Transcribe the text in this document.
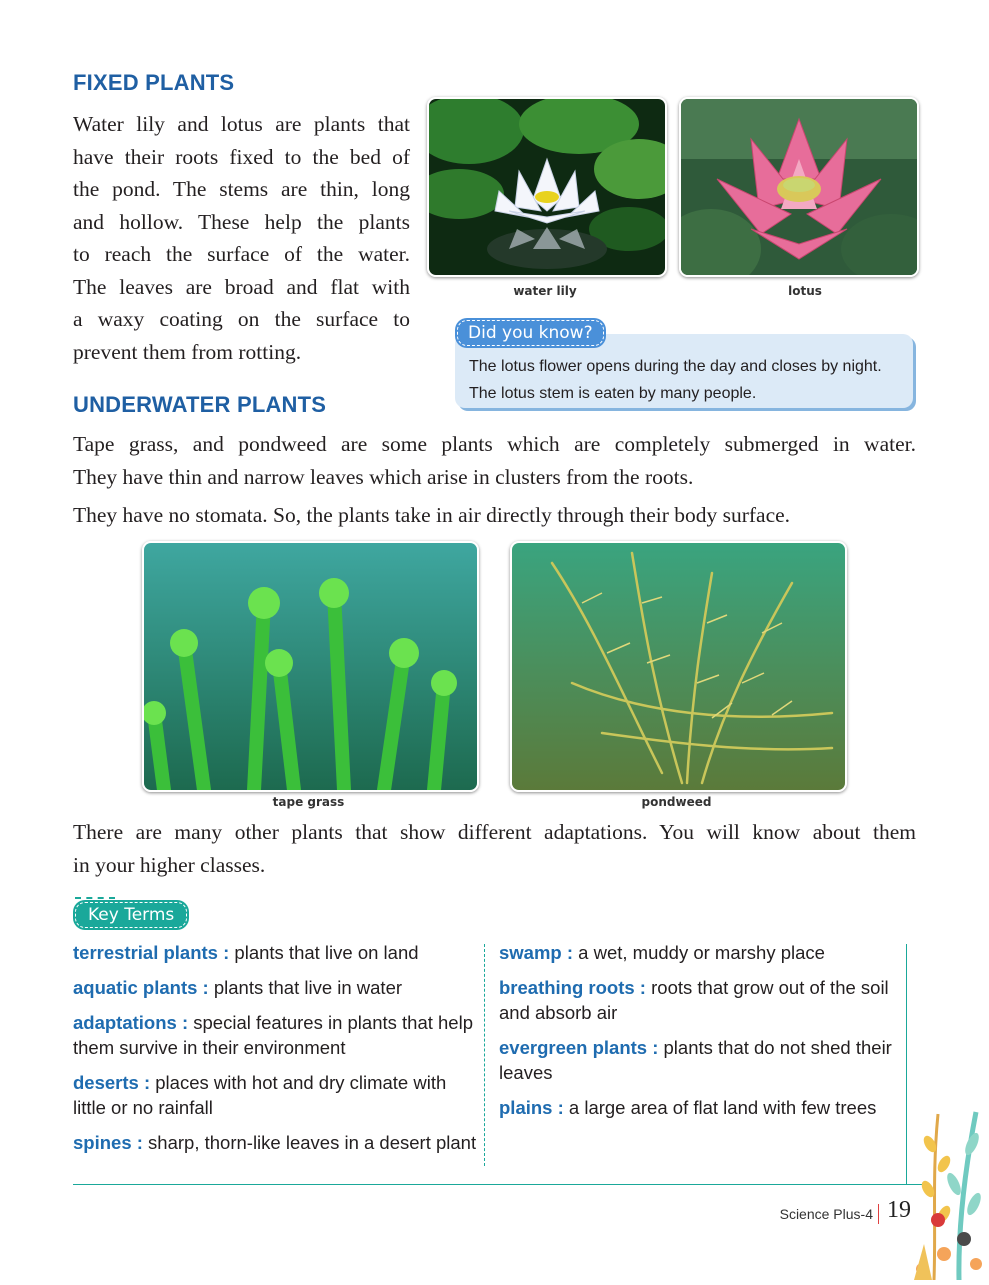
FIXED PLANTS
Water lily and lotus are plants that
have their roots fixed to the bed of
the pond. The stems are thin, long
and hollow. These help the plants
to reach the surface of the water.
The leaves are broad and flat with
a waxy coating on the surface to
prevent them from rotting.
water lily	lotus
The lotus flower opens during the day and closes by night.
The lotus stem is eaten by many people.
Did you know?
UNDERWATER PLANTS
Tape grass, and pondweed are some plants which are completely submerged in water.
They have thin and narrow leaves which arise in clusters from the roots.
They have no stomata. So, the plants take in air directly through their body surface.
tape grass	pondweed
There are many other plants that show different adaptations. You will know about them
in your higher classes.
Key Terms
terrestrial plants : plants that live on land
aquatic plants : plants that live in water
adaptations : special features in plants that help them survive in their environment
deserts : places with hot and dry climate with little or no rainfall
spines : sharp, thorn-like leaves in a desert plant
swamp : a wet, muddy or marshy place
breathing roots : roots that grow out of the soil and absorb air
evergreen plants : plants that do not shed their leaves
plains : a large area of flat land with few trees
Science Plus-4 19
